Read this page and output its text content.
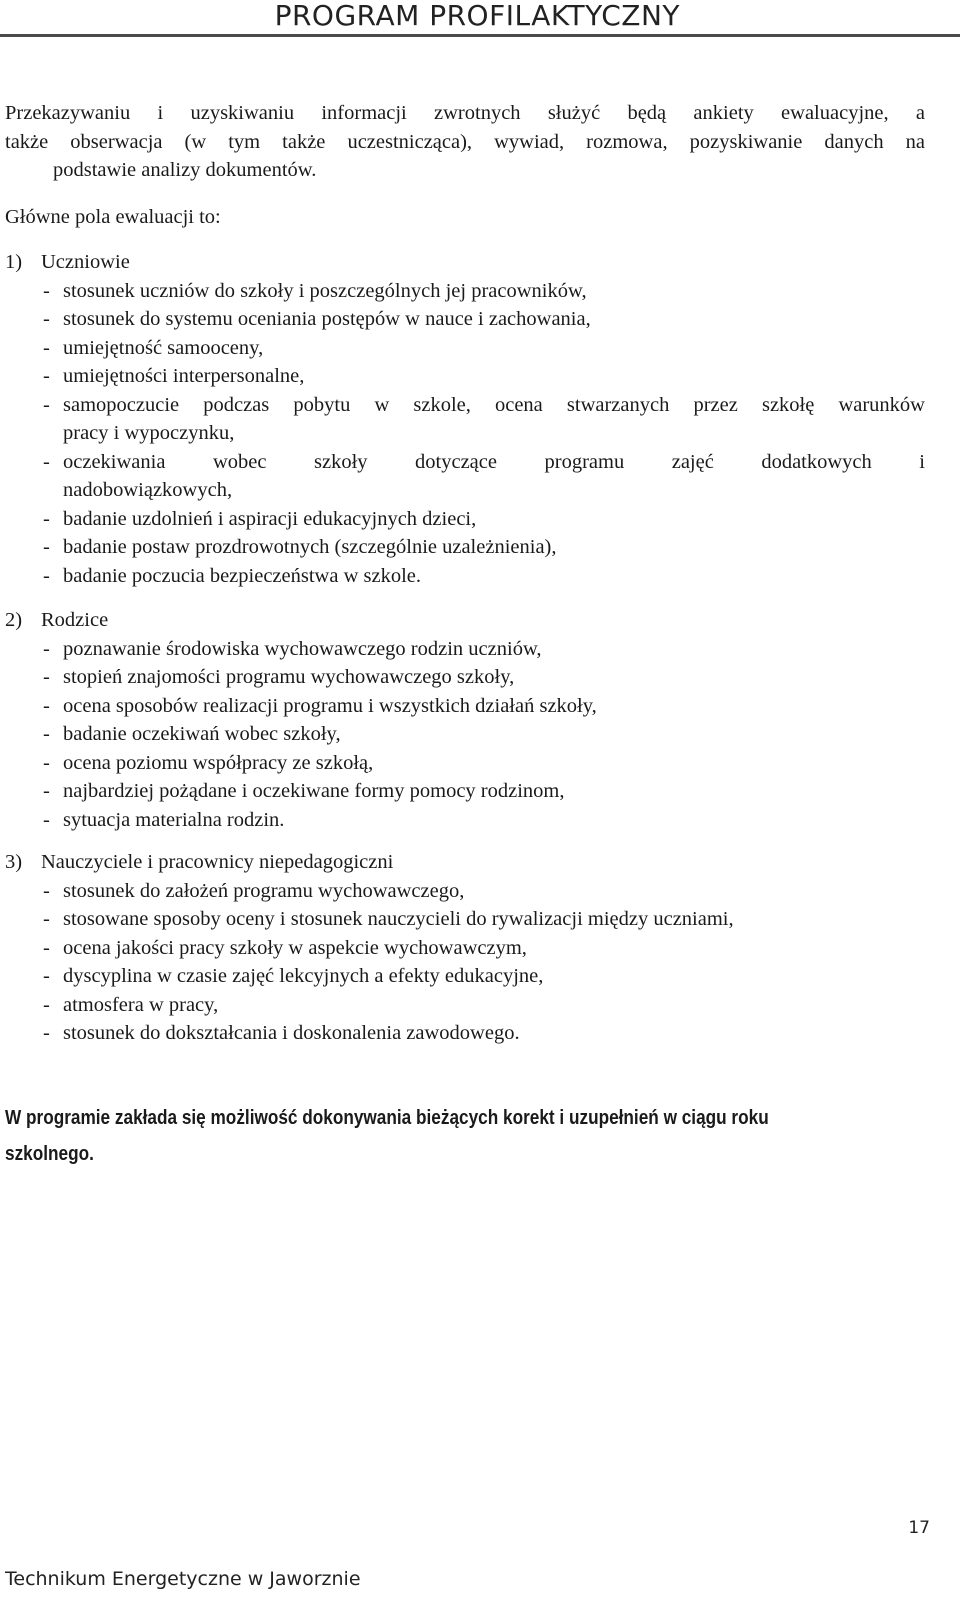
PROGRAM PROFILAKTYCZNY
Przekazywaniu i uzyskiwaniu informacji zwrotnych służyć będą ankiety ewaluacyjne, a
także obserwacja (w tym także uczestnicząca), wywiad, rozmowa, pozyskiwanie danych na
podstawie analizy dokumentów.
Główne pola ewaluacji to:
1) Uczniowie
- stosunek uczniów do szkoły i poszczególnych jej pracowników,
- stosunek do systemu oceniania postępów w nauce i zachowania,
- umiejętność samooceny,
- umiejętności interpersonalne,
- samopoczucie podczas pobytu w szkole, ocena stwarzanych przez szkołę warunków
pracy i wypoczynku,
- oczekiwania wobec szkoły dotyczące programu zajęć dodatkowych i
nadobowiązkowych,
- badanie uzdolnień i aspiracji edukacyjnych dzieci,
- badanie postaw prozdrowotnych (szczególnie uzależnienia),
- badanie poczucia bezpieczeństwa w szkole.
2) Rodzice
- poznawanie środowiska wychowawczego rodzin uczniów,
- stopień znajomości programu wychowawczego szkoły,
- ocena sposobów realizacji programu i wszystkich działań szkoły,
- badanie oczekiwań wobec szkoły,
- ocena poziomu współpracy ze szkołą,
- najbardziej pożądane i oczekiwane formy pomocy rodzinom,
- sytuacja materialna rodzin.
3) Nauczyciele i pracownicy niepedagogiczni
- stosunek do założeń programu wychowawczego,
- stosowane sposoby oceny i stosunek nauczycieli do rywalizacji między uczniami,
- ocena jakości pracy szkoły w aspekcie wychowawczym,
- dyscyplina w czasie zajęć lekcyjnych a efekty edukacyjne,
- atmosfera w pracy,
- stosunek do dokształcania i doskonalenia zawodowego.
W programie zakłada się możliwość dokonywania bieżących korekt i uzupełnień w ciągu roku
szkolnego.
17
Technikum Energetyczne w Jaworznie
